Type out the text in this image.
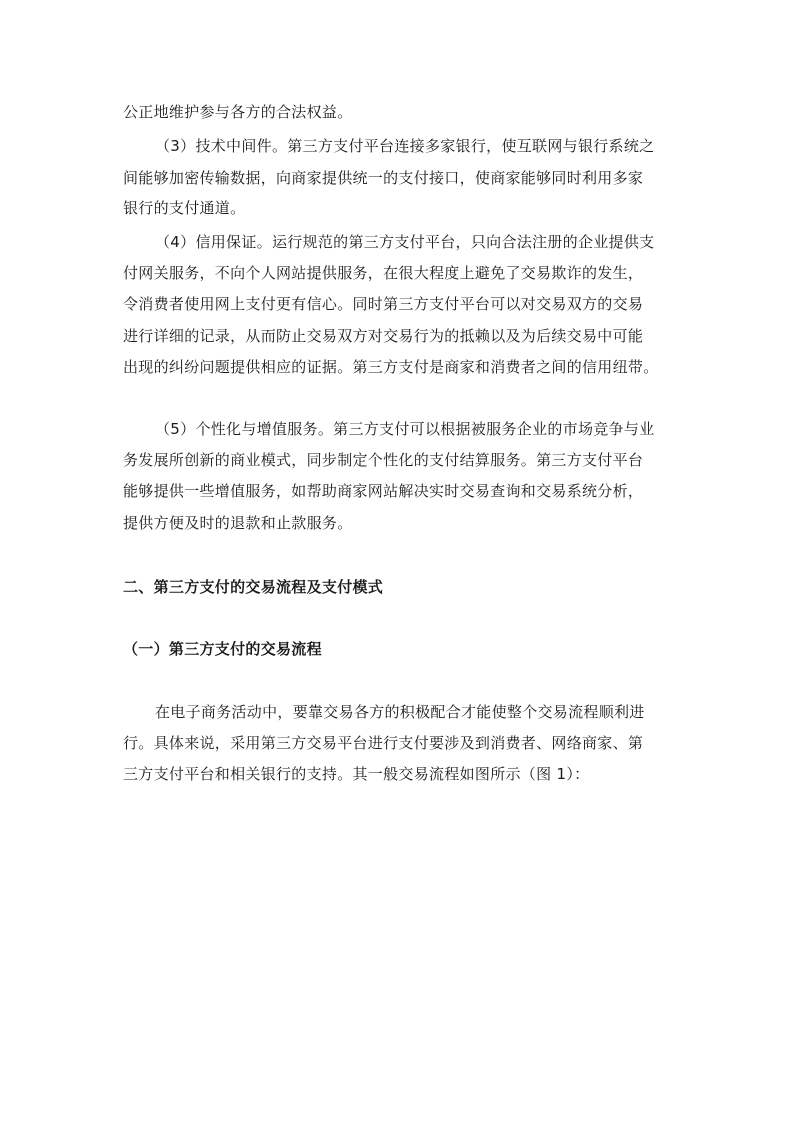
公正地维护参与各方的合法权益。
（3）技术中间件。第三方支付平台连接多家银行，使互联网与银行系统之
间能够加密传输数据，向商家提供统一的支付接口，使商家能够同时利用多家
银行的支付通道。
（4）信用保证。运行规范的第三方支付平台，只向合法注册的企业提供支
付网关服务，不向个人网站提供服务，在很大程度上避免了交易欺诈的发生，
令消费者使用网上支付更有信心。同时第三方支付平台可以对交易双方的交易
进行详细的记录，从而防止交易双方对交易行为的抵赖以及为后续交易中可能
出现的纠纷问题提供相应的证据。第三方支付是商家和消费者之间的信用纽带。
（5）个性化与增值服务。第三方支付可以根据被服务企业的市场竞争与业
务发展所创新的商业模式，同步制定个性化的支付结算服务。第三方支付平台
能够提供一些增值服务，如帮助商家网站解决实时交易查询和交易系统分析，
提供方便及时的退款和止款服务。
二、第三方支付的交易流程及支付模式
（一）第三方支付的交易流程
在电子商务活动中，要靠交易各方的积极配合才能使整个交易流程顺利进
行。具体来说，采用第三方交易平台进行支付要涉及到消费者、网络商家、第
三方支付平台和相关银行的支持。其一般交易流程如图所示（图 1）：
